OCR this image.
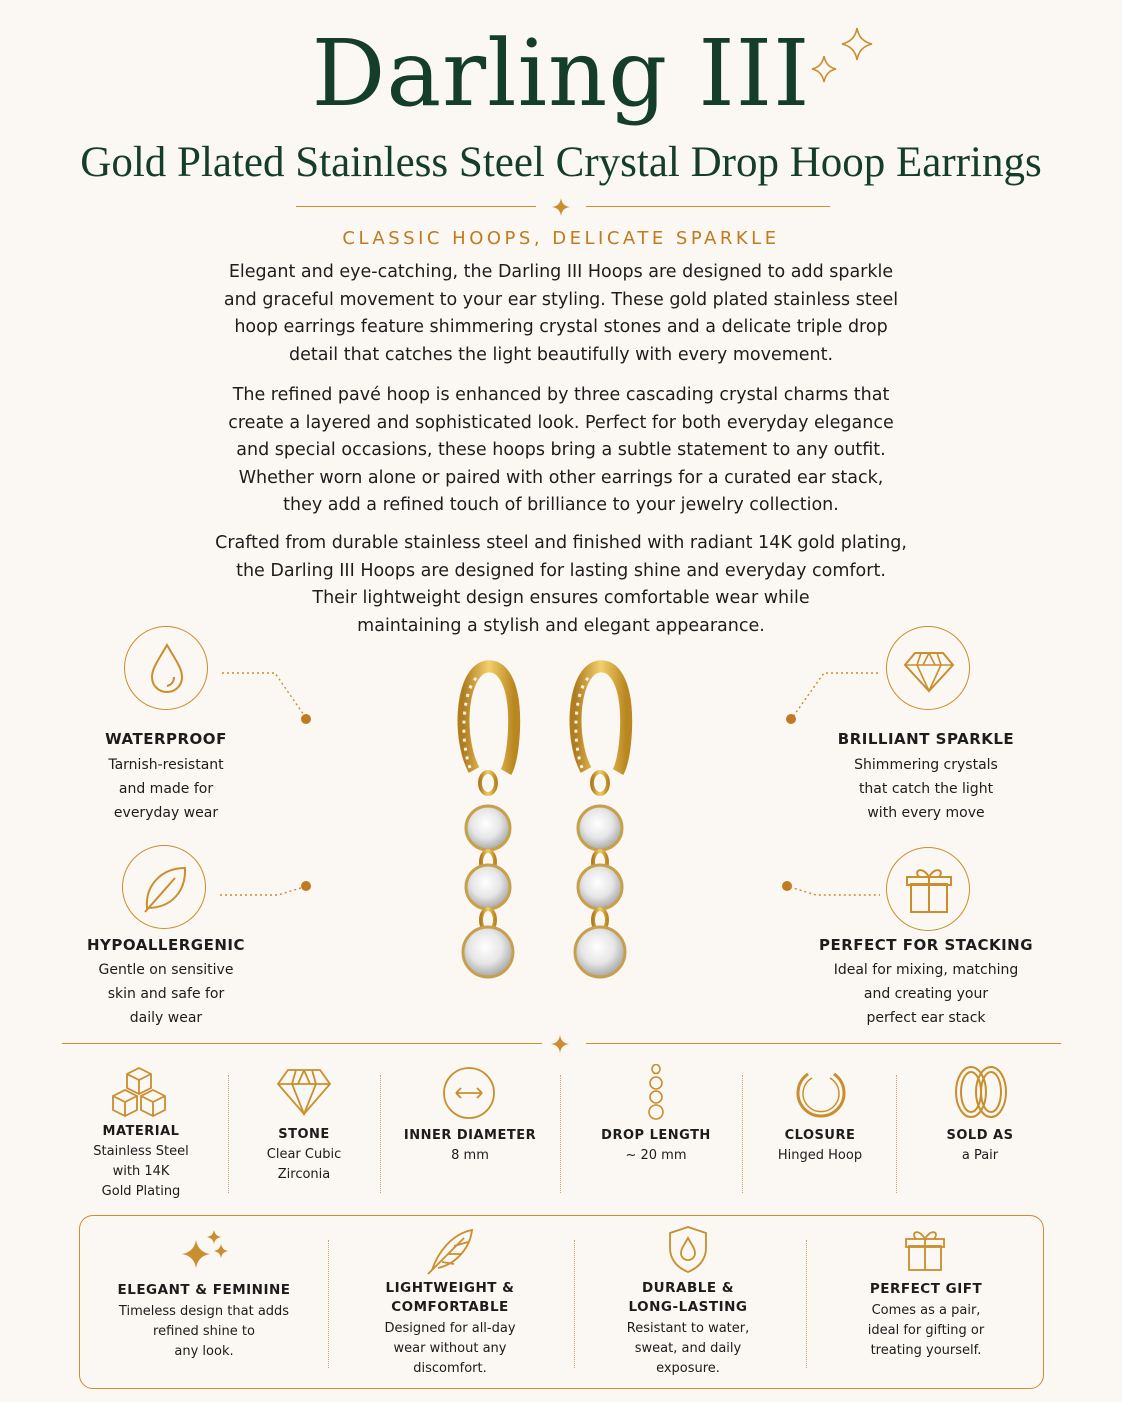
Darling III
Gold Plated Stainless Steel Crystal Drop Hoop Earrings
CLASSIC HOOPS, DELICATE SPARKLE
Elegant and eye-catching, the Darling III Hoops are designed to add sparkle
and graceful movement to your ear styling. These gold plated stainless steel
hoop earrings feature shimmering crystal stones and a delicate triple drop
detail that catches the light beautifully with every movement.
The refined pavé hoop is enhanced by three cascading crystal charms that
create a layered and sophisticated look. Perfect for both everyday elegance
and special occasions, these hoops bring a subtle statement to any outfit.
Whether worn alone or paired with other earrings for a curated ear stack,
they add a refined touch of brilliance to your jewelry collection.
Crafted from durable stainless steel and finished with radiant 14K gold plating,
the Darling III Hoops are designed for lasting shine and everyday comfort.
Their lightweight design ensures comfortable wear while
maintaining a stylish and elegant appearance.
WATERPROOF
Tarnish-resistant
and made for
everyday wear
HYPOALLERGENIC
Gentle on sensitive
skin and safe for
daily wear
BRILLIANT SPARKLE
Shimmering crystals
that catch the light
with every move
PERFECT FOR STACKING
Ideal for mixing, matching
and creating your
perfect ear stack
MATERIAL
Stainless Steel
with 14K
Gold Plating
STONE
Clear Cubic
Zirconia
INNER DIAMETER
8 mm
DROP LENGTH
~ 20 mm
CLOSURE
Hinged Hoop
SOLD AS
a Pair
ELEGANT & FEMININE
Timeless design that adds
refined shine to
any look.
LIGHTWEIGHT &
COMFORTABLE
Designed for all-day
wear without any
discomfort.
DURABLE &
LONG-LASTING
Resistant to water,
sweat, and daily
exposure.
PERFECT GIFT
Comes as a pair,
ideal for gifting or
treating yourself.
